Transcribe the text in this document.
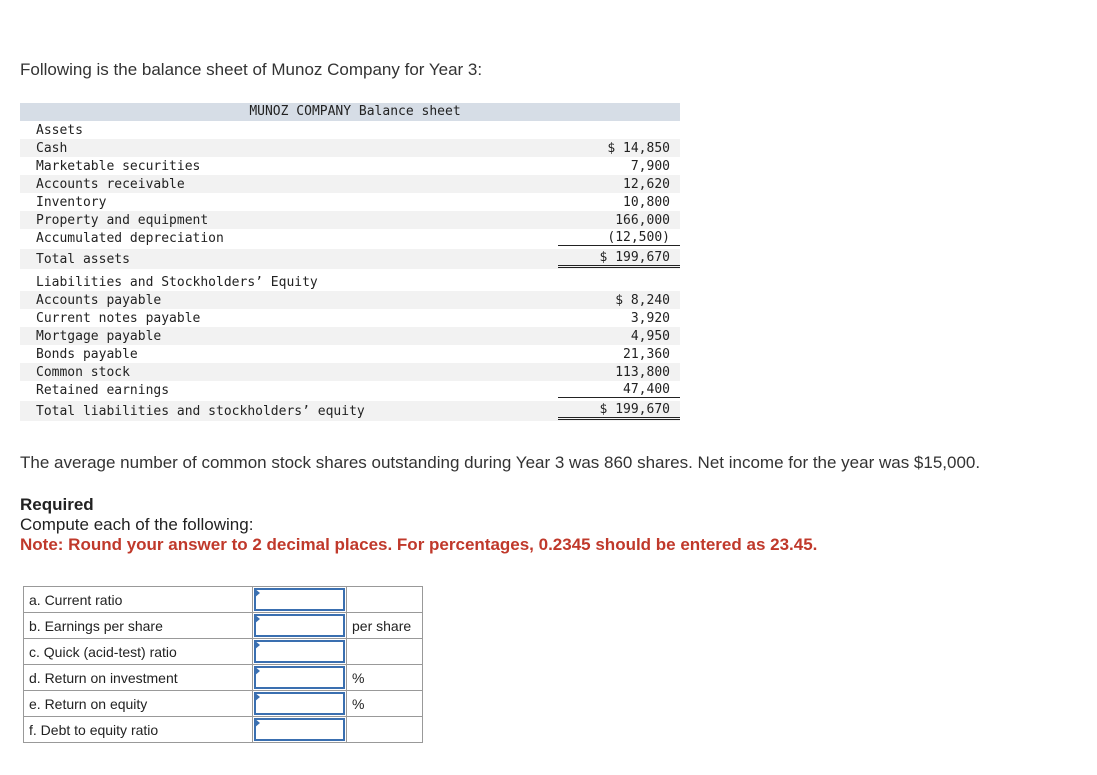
Following is the balance sheet of Munoz Company for Year 3:
MUNOZ COMPANY Balance sheet
Assets
Cash	$ 14,850
Marketable securities	7,900
Accounts receivable	12,620
Inventory	10,800
Property and equipment	166,000
Accumulated depreciation	(12,500)
Total assets	$ 199,670
Liabilities and Stockholders’ Equity
Accounts payable	$ 8,240
Current notes payable	3,920
Mortgage payable	4,950
Bonds payable	21,360
Common stock	113,800
Retained earnings	47,400
Total liabilities and stockholders’ equity	$ 199,670
The average number of common stock shares outstanding during Year 3 was 860 shares. Net income for the year was $15,000.
Required
Compute each of the following:
Note: Round your answer to 2 decimal places. For percentages, 0.2345 should be entered as 23.45.
a. Current ratio	

b. Earnings per share		per share
c. Quick (acid-test) ratio	

d. Return on investment		%
e. Return on equity		%
f. Debt to equity ratio	
